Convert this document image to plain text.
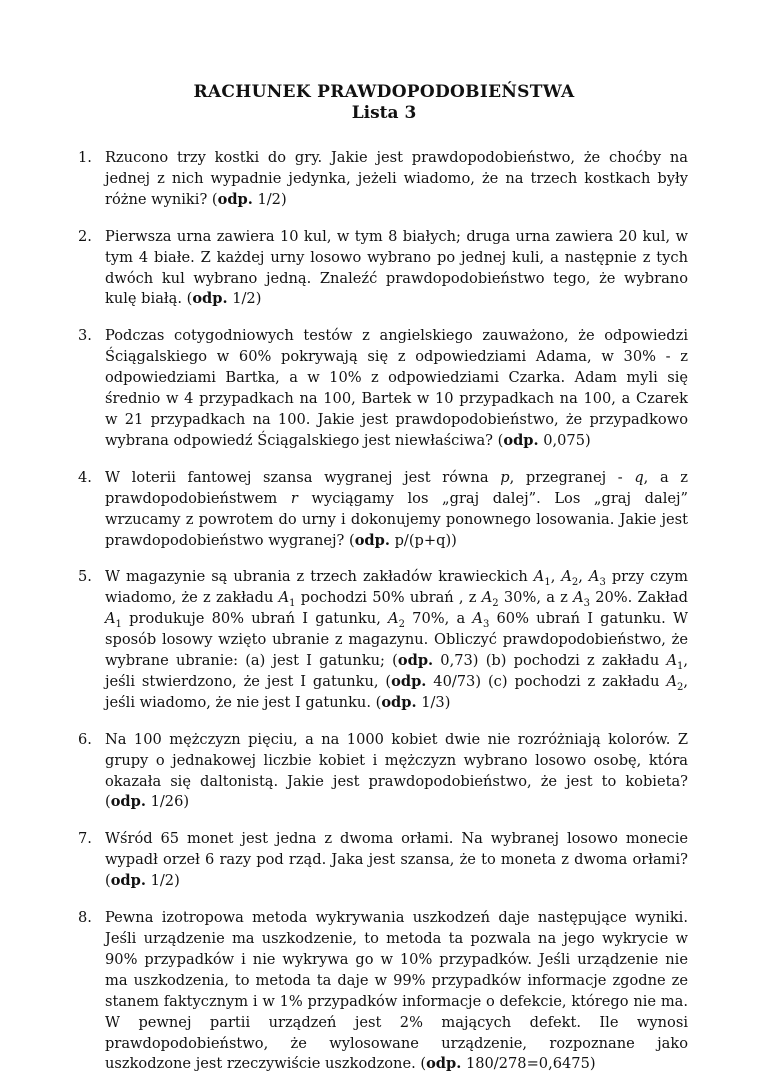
RACHUNEK PRAWDOPODOBIEŃSTWA
Lista 3
1. Rzucono trzy kostki do gry. Jakie jest prawdopodobieństwo, że choćby na jednej z nich wypadnie jedynka, jeżeli wiadomo, że na trzech kostkach były różne wyniki? (odp. 1/2)
2. Pierwsza urna zawiera 10 kul, w tym 8 białych; druga urna zawiera 20 kul, w tym 4 białe. Z każdej urny losowo wybrano po jednej kuli, a następnie z tych dwóch kul wybrano jedną. Znaleźć prawdopodobieństwo tego, że wybrano kulę białą. (odp. 1/2)
3. Podczas cotygodniowych testów z angielskiego zauważono, że odpowiedzi Ściągalskiego w 60% pokrywają się z odpowiedziami Adama, w 30% - z odpowiedziami Bartka, a w 10% z odpowiedziami Czarka. Adam myli się średnio w 4 przypadkach na 100, Bartek w 10 przypadkach na 100, a Czarek w 21 przypadkach na 100. Jakie jest prawdopodobieństwo, że przypadkowo wybrana odpowiedź Ściągalskiego jest niewłaściwa? (odp. 0,075)
4. W loterii fantowej szansa wygranej jest równa p, przegranej - q, a z prawdopodobieństwem r wyciągamy los „graj dalej”. Los „graj dalej” wrzucamy z powrotem do urny i dokonujemy ponownego losowania. Jakie jest prawdopodobieństwo wygranej? (odp. p/(p+q))
5. W magazynie są ubrania z trzech zakładów krawieckich $A_1$, $A_2$, $A_3$ przy czym wiadomo, że z zakładu $A_1$ pochodzi 50% ubrań , z $A_2$ 30%, a z $A_3$ 20%. Zakład $A_1$ produkuje 80% ubrań I gatunku, $A_2$ 70%, a $A_3$ 60% ubrań I gatunku. W sposób losowy wzięto ubranie z magazynu. Obliczyć prawdopodobieństwo, że wybrane ubranie: (a) jest I gatunku; (odp. 0,73) (b) pochodzi z zakładu $A_1$, jeśli stwierdzono, że jest I gatunku, (odp. 40/73) (c) pochodzi z zakładu $A_2$, jeśli wiadomo, że nie jest I gatunku. (odp. 1/3)
6. Na 100 mężczyzn pięciu, a na 1000 kobiet dwie nie rozróżniają kolorów. Z grupy o jednakowej liczbie kobiet i mężczyzn wybrano losowo osobę, która okazała się daltonistą. Jakie jest prawdopodobieństwo, że jest to kobieta? (odp. 1/26)
7. Wśród 65 monet jest jedna z dwoma orłami. Na wybranej losowo monecie wypadł orzeł 6 razy pod rząd. Jaka jest szansa, że to moneta z dwoma orłami? (odp. 1/2)
8. Pewna izotropowa metoda wykrywania uszkodzeń daje następujące wyniki. Jeśli urządzenie ma uszkodzenie, to metoda ta pozwala na jego wykrycie w 90% przypadków i nie wykrywa go w 10% przypadków. Jeśli urządzenie nie ma uszkodzenia, to metoda ta daje w 99% przypadków informacje zgodne ze stanem faktycznym i w 1% przypadków informacje o defekcie, którego nie ma. W pewnej partii urządzeń jest 2% mających defekt. Ile wynosi prawdopodobieństwo, że wylosowane urządzenie, rozpoznane jako uszkodzone jest rzeczywiście uszkodzone. (odp. 180/278=0,6475)
